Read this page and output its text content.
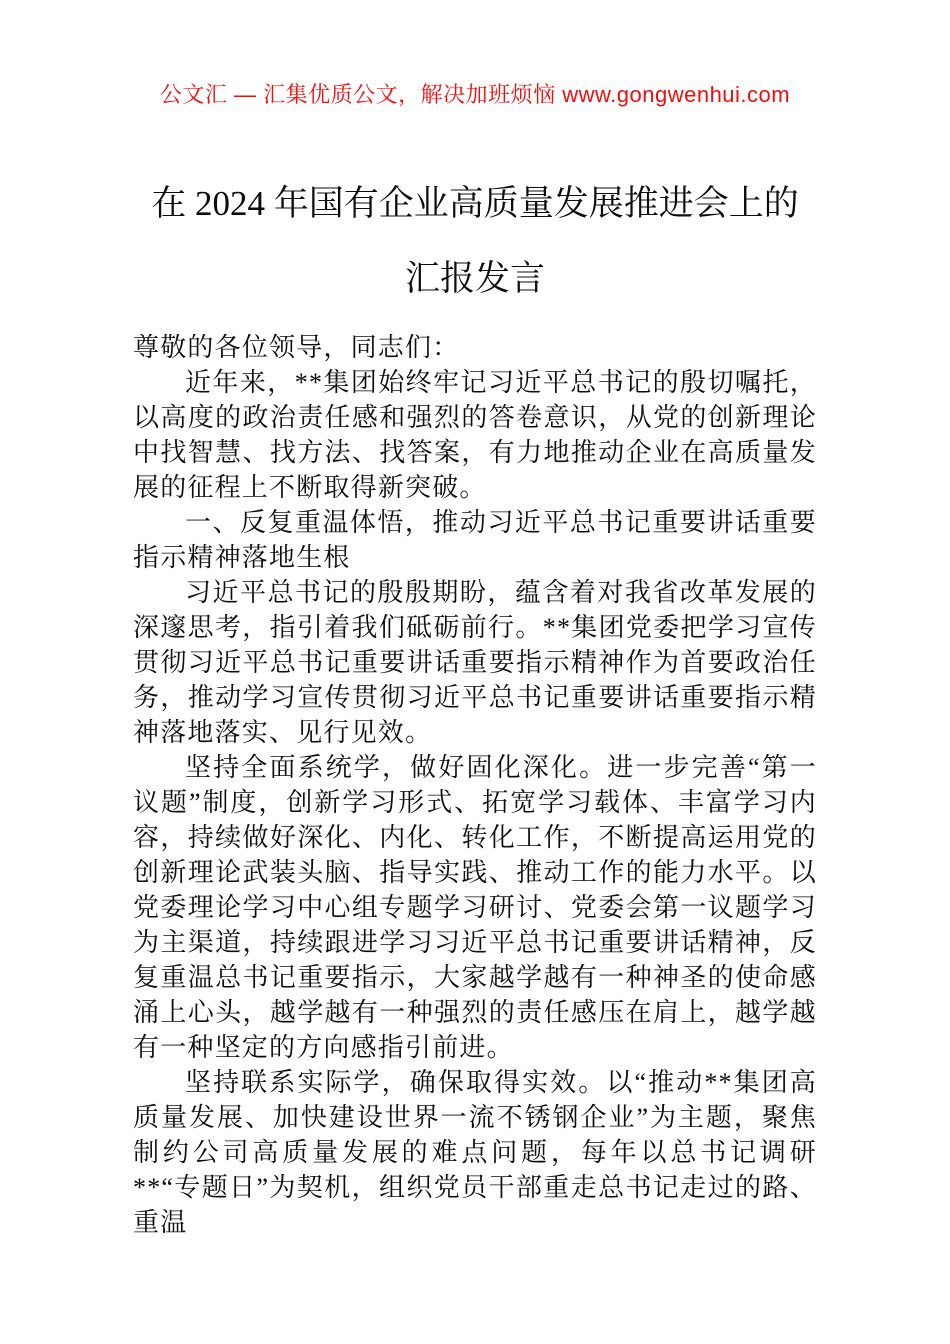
公文汇 — 汇集优质公文，解决加班烦恼 www.gongwenhui.com
在 2024 年国有企业高质量发展推进会上的
汇报发言

尊敬的各位领导，同志们：

近年来，**集团始终牢记习近平总书记的殷切嘱托，以高度的政治责任感和强烈的答卷意识，从党的创新理论中找智慧、找方法、找答案，有力地推动企业在高质量发展的征程上不断取得新突破。

一、反复重温体悟，推动习近平总书记重要讲话重要指示精神落地生根

习近平总书记的殷殷期盼，蕴含着对我省改革发展的深邃思考，指引着我们砥砺前行。**集团党委把学习宣传贯彻习近平总书记重要讲话重要指示精神作为首要政治任务，推动学习宣传贯彻习近平总书记重要讲话重要指示精神落地落实、见行见效。

坚持全面系统学，做好固化深化。进一步完善“第一议题”制度，创新学习形式、拓宽学习载体、丰富学习内容，持续做好深化、内化、转化工作，不断提高运用党的创新理论武装头脑、指导实践、推动工作的能力水平。以党委理论学习中心组专题学习研讨、党委会第一议题学习为主渠道，持续跟进学习习近平总书记重要讲话精神，反复重温总书记重要指示，大家越学越有一种神圣的使命感涌上心头，越学越有一种强烈的责任感压在肩上，越学越有一种坚定的方向感指引前进。

坚持联系实际学，确保取得实效。以“推动**集团高质量发展、加快建设世界一流不锈钢企业”为主题，聚焦制约公司高质量发展的难点问题，每年以总书记调研**“专题日”为契机，组织党员干部重走总书记走过的路、重温
